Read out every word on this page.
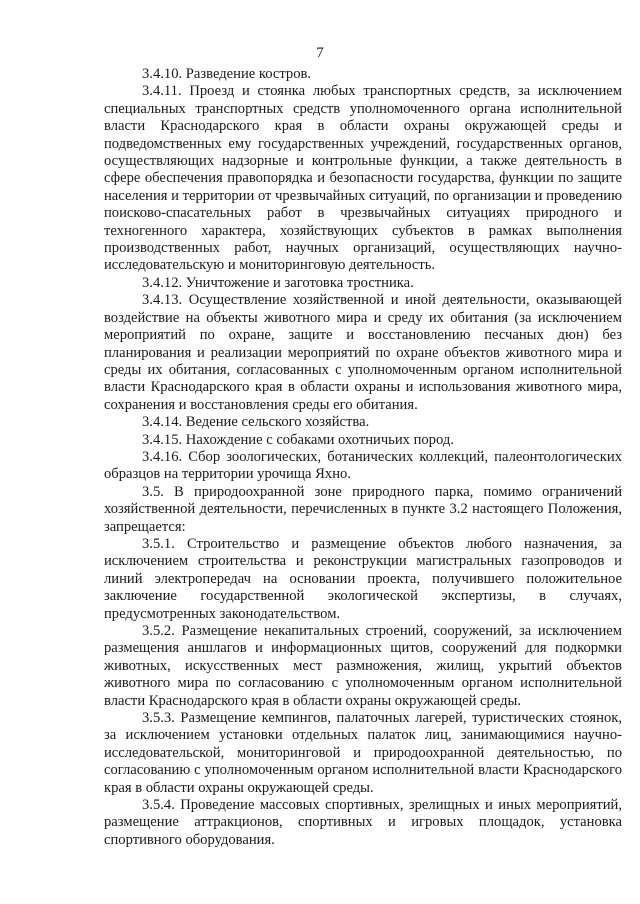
7

3.4.10. Разведение костров.

3.4.11. Проезд и стоянка любых транспортных средств, за исключением специальных транспортных средств уполномоченного органа исполнительной власти Краснодарского края в области охраны окружающей среды и подведомственных ему государственных учреждений, государственных органов, осуществляющих надзорные и контрольные функции, а также деятельность в сфере обеспечения правопорядка и безопасности государства, функции по защите населения и территории от чрезвычайных ситуаций, по организации и проведению поисково-спасательных работ в чрезвычайных ситуациях природного и техногенного характера, хозяйствующих субъектов в рамках выполнения производственных работ, научных организаций, осуществляющих научно-исследовательскую и мониторинговую деятельность.

3.4.12. Уничтожение и заготовка тростника.

3.4.13. Осуществление хозяйственной и иной деятельности, оказывающей воздействие на объекты животного мира и среду их обитания (за исключением мероприятий по охране, защите и восстановлению песчаных дюн) без планирования и реализации мероприятий по охране объектов животного мира и среды их обитания, согласованных с уполномоченным органом исполнительной власти Краснодарского края в области охраны и использования животного мира, сохранения и восстановления среды его обитания.

3.4.14. Ведение сельского хозяйства.

3.4.15. Нахождение с собаками охотничьих пород.

3.4.16. Сбор зоологических, ботанических коллекций, палеонтологических образцов на территории урочища Яхно.

3.5. В природоохранной зоне природного парка, помимо ограничений хозяйственной деятельности, перечисленных в пункте 3.2 настоящего Положения, запрещается:

3.5.1. Строительство и размещение объектов любого назначения, за исключением строительства и реконструкции магистральных газопроводов и линий электропередач на основании проекта, получившего положительное заключение государственной экологической экспертизы, в случаях, предусмотренных законодательством.

3.5.2. Размещение некапитальных строений, сооружений, за исключением размещения аншлагов и информационных щитов, сооружений для подкормки животных, искусственных мест размножения, жилищ, укрытий объектов животного мира по согласованию с уполномоченным органом исполнительной власти Краснодарского края в области охраны окружающей среды.

3.5.3. Размещение кемпингов, палаточных лагерей, туристических стоянок, за исключением установки отдельных палаток лиц, занимающимися научно-исследовательской, мониторинговой и природоохранной деятельностью, по согласованию с уполномоченным органом исполнительной власти Краснодарского края в области охраны окружающей среды.

3.5.4. Проведение массовых спортивных, зрелищных и иных мероприятий, размещение аттракционов, спортивных и игровых площадок, установка спортивного оборудования.
